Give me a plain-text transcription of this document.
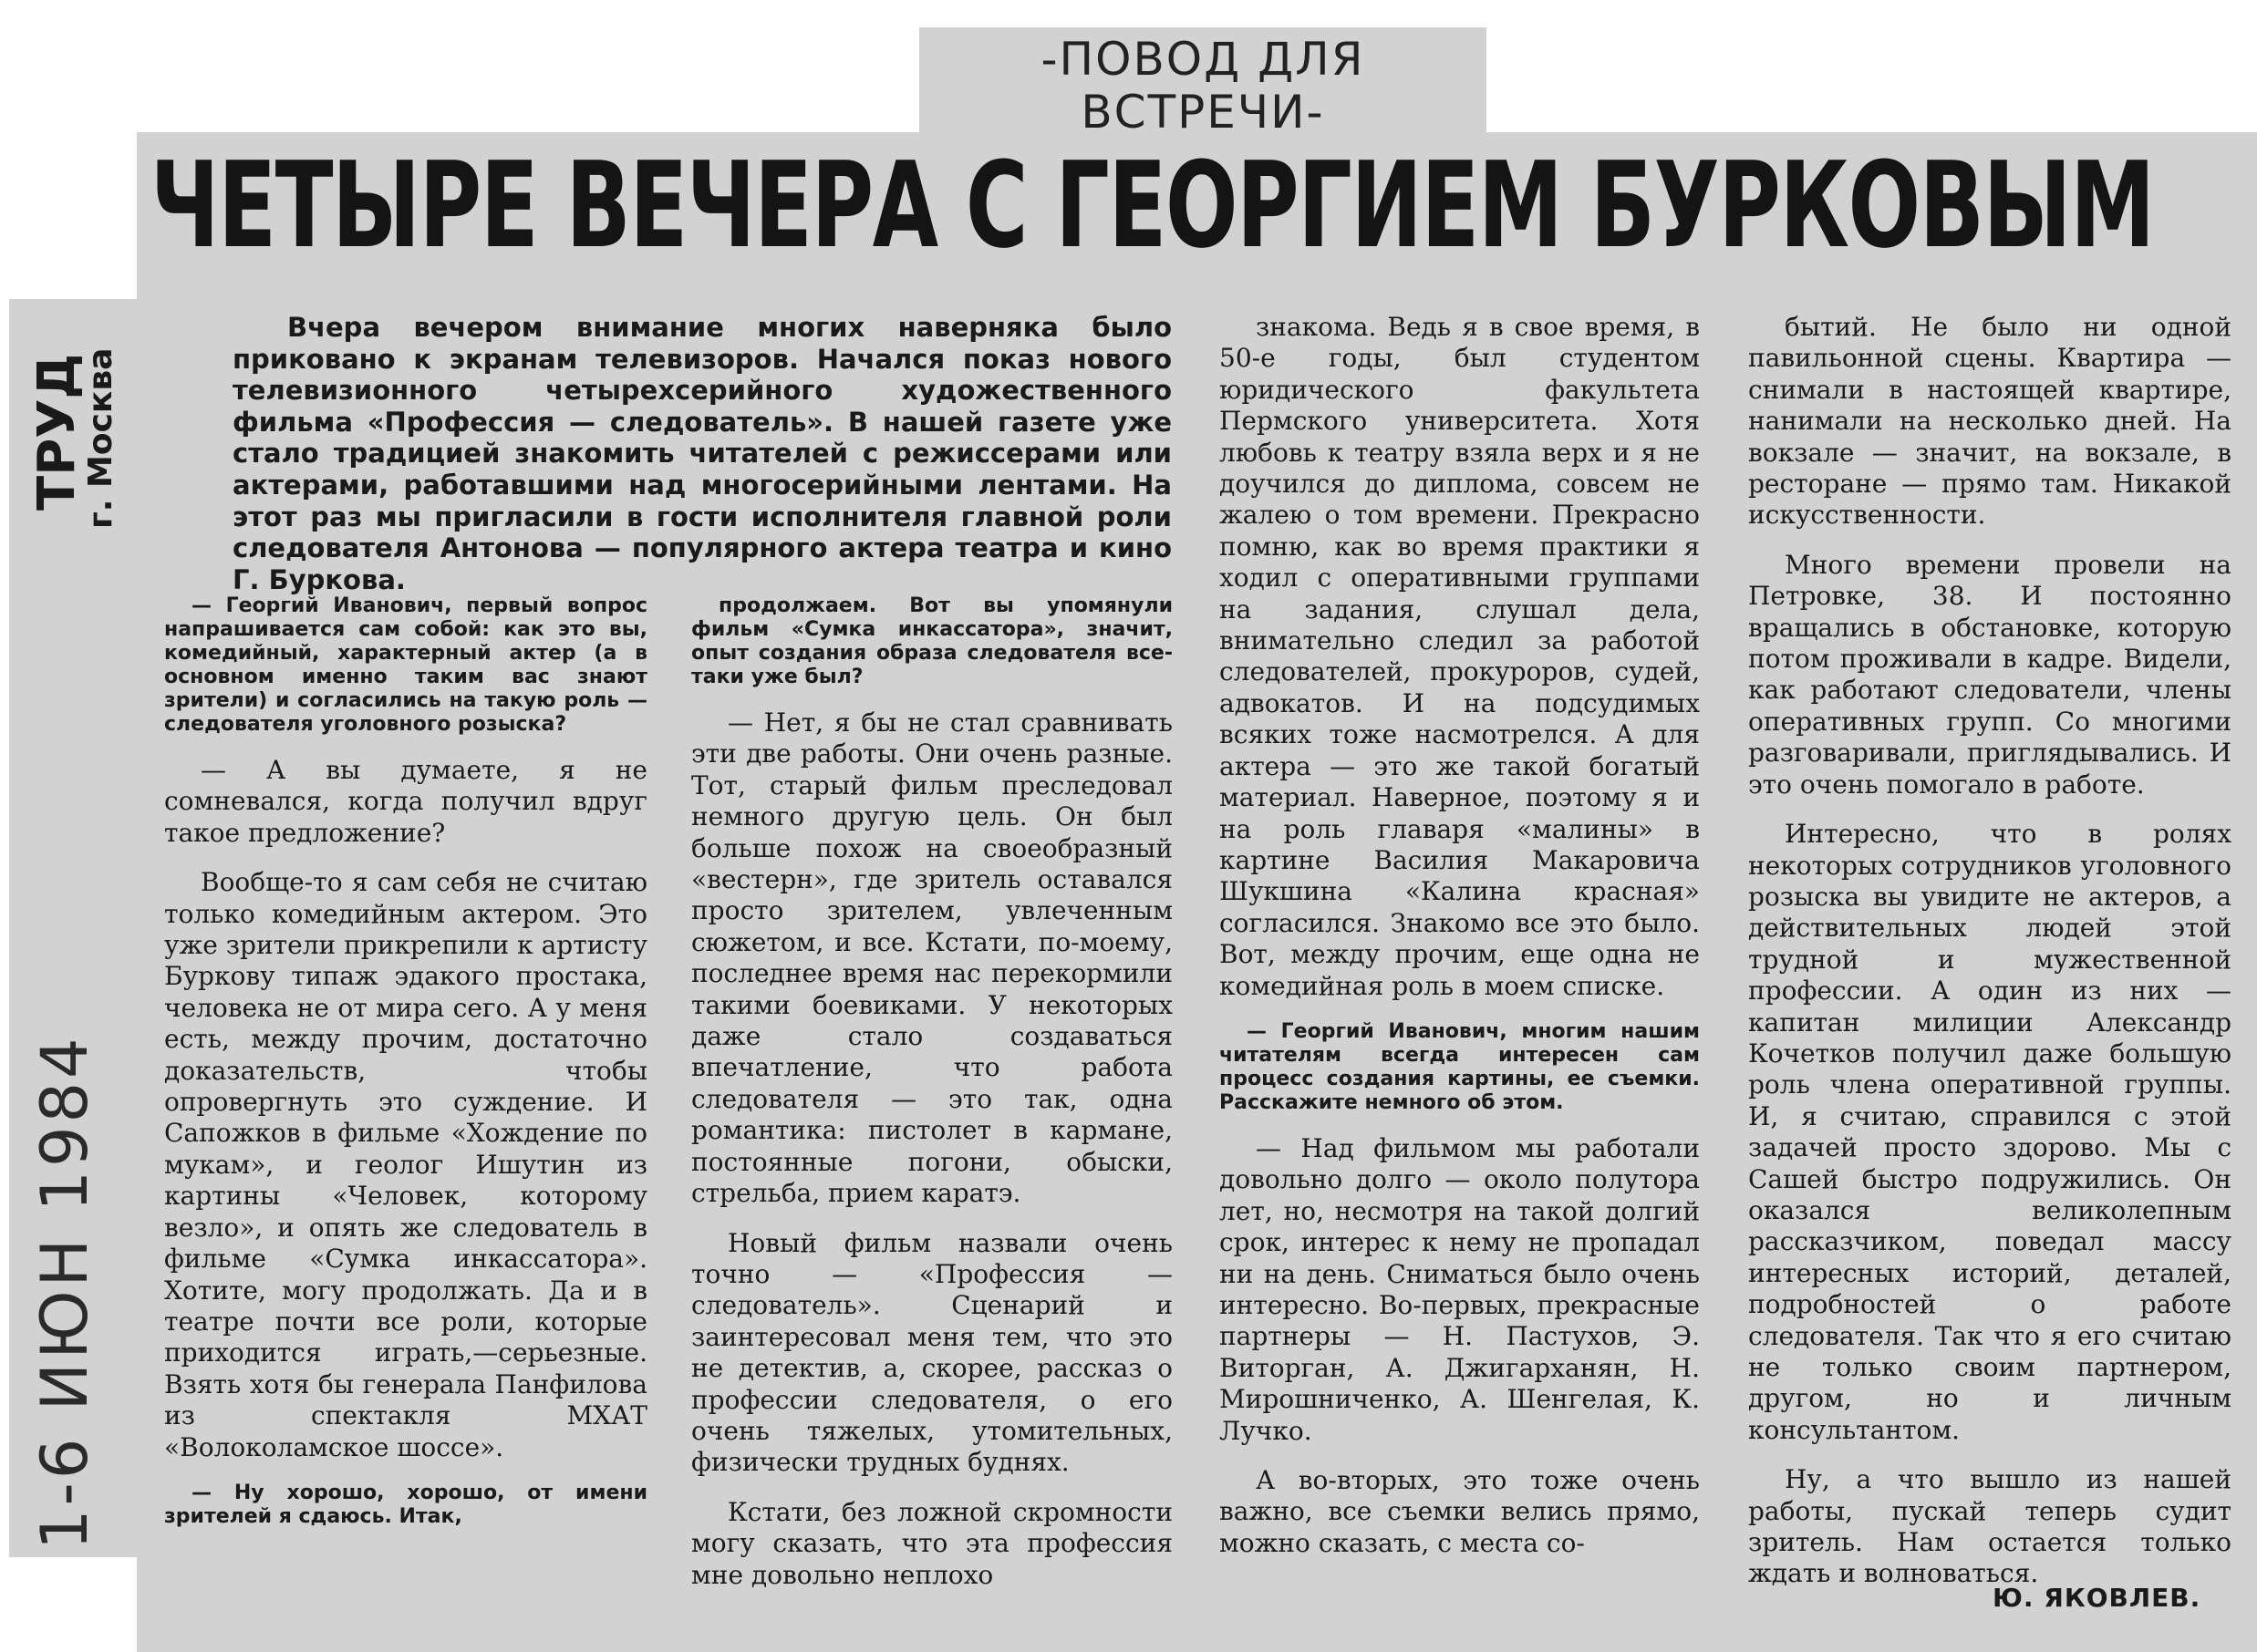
-ПОВОД ДЛЯ ВСТРЕЧИ-
ЧЕТЫРЕ ВЕЧЕРА С ГЕОРГИЕМ БУРКОВЫМ
ТРУД
г. Москва
1-6 ИЮН 1984
Вчера вечером внимание многих наверняка было приковано к экранам телевизоров. Начался показ нового телевизионного четырехсерийного художественного фильма «Профессия — следователь». В нашей газете уже стало традицией знакомить читателей с режиссерами или актерами, работавшими над многосерийными лентами. На этот раз мы пригласили в гости исполнителя главной роли следователя Антонова — популярного актера театра и кино Г. Буркова.

— Георгий Иванович, первый вопрос напрашивается сам собой: как это вы, комедийный, характерный актер (а в основном именно таким вас знают зрители) и согласились на такую роль — следователя уголовного розыска?

— А вы думаете, я не сомневался, когда получил вдруг такое предложение?

Вообще-то я сам себя не считаю только комедийным актером. Это уже зрители прикрепили к артисту Буркову типаж эдакого простака, человека не от мира сего. А у меня есть, между прочим, достаточно доказательств, чтобы опровергнуть это суждение. И Сапожков в фильме «Хождение по мукам», и геолог Ишутин из картины «Человек, которому везло», и опять же следователь в фильме «Сумка инкассатора». Хотите, могу продолжать. Да и в театре почти все роли, которые приходится играть,—серьезные. Взять хотя бы генерала Панфилова из спектакля МХАТ «Волоколамское шоссе».

— Ну хорошо, хорошо, от имени зрителей я сдаюсь. Итак,

продолжаем. Вот вы упомянули фильм «Сумка инкассатора», значит, опыт создания образа следователя все-таки уже был?

— Нет, я бы не стал сравнивать эти две работы. Они очень разные. Тот, старый фильм преследовал немного другую цель. Он был больше похож на своеобразный «вестерн», где зритель оставался просто зрителем, увлеченным сюжетом, и все. Кстати, по-моему, последнее время нас перекормили такими боевиками. У некоторых даже стало создаваться впечатление, что работа следователя — это так, одна романтика: пистолет в кармане, постоянные погони, обыски, стрельба, прием каратэ.

Новый фильм назвали очень точно — «Профессия — следователь». Сценарий и заинтересовал меня тем, что это не детектив, а, скорее, рассказ о профессии следователя, о его очень тяжелых, утомительных, физически трудных буднях.

Кстати, без ложной скромности могу сказать, что эта профессия мне довольно неплохо

знакома. Ведь я в свое время, в 50-е годы, был студентом юридического факультета Пермского университета. Хотя любовь к театру взяла верх и я не доучился до диплома, совсем не жалею о том времени. Прекрасно помню, как во время практики я ходил с оперативными группами на задания, слушал дела, внимательно следил за работой следователей, прокуроров, судей, адвокатов. И на подсудимых всяких тоже насмотрелся. А для актера — это же такой богатый материал. Наверное, поэтому я и на роль главаря «малины» в картине Василия Макаровича Шукшина «Калина красная» согласился. Знакомо все это было. Вот, между прочим, еще одна не комедийная роль в моем списке.

— Георгий Иванович, многим нашим читателям всегда интересен сам процесс создания картины, ее съемки. Расскажите немного об этом.

— Над фильмом мы работали довольно долго — около полутора лет, но, несмотря на такой долгий срок, интерес к нему не пропадал ни на день. Сниматься было очень интересно. Во-первых, прекрасные партнеры — Н. Пастухов, Э. Виторган, А. Джигарханян, Н. Мирошниченко, А. Шенгелая, К. Лучко.

А во-вторых, это тоже очень важно, все съемки велись прямо, можно сказать, с места со-

бытий. Не было ни одной павильонной сцены. Квартира — снимали в настоящей квартире, нанимали на несколько дней. На вокзале — значит, на вокзале, в ресторане — прямо там. Никакой искусственности.

Много времени провели на Петровке, 38. И постоянно вращались в обстановке, которую потом проживали в кадре. Видели, как работают следователи, члены оперативных групп. Со многими разговаривали, приглядывались. И это очень помогало в работе.

Интересно, что в ролях некоторых сотрудников уголовного розыска вы увидите не актеров, а действительных людей этой трудной и мужественной профессии. А один из них — капитан милиции Александр Кочетков получил даже большую роль члена оперативной группы. И, я считаю, справился с этой задачей просто здорово. Мы с Сашей быстро подружились. Он оказался великолепным рассказчиком, поведал массу интересных историй, деталей, подробностей о работе следователя. Так что я его считаю не только своим партнером, другом, но и личным консультантом.

Ну, а что вышло из нашей работы, пускай теперь судит зритель. Нам остается только ждать и волноваться.

Ю. ЯКОВЛЕВ.
